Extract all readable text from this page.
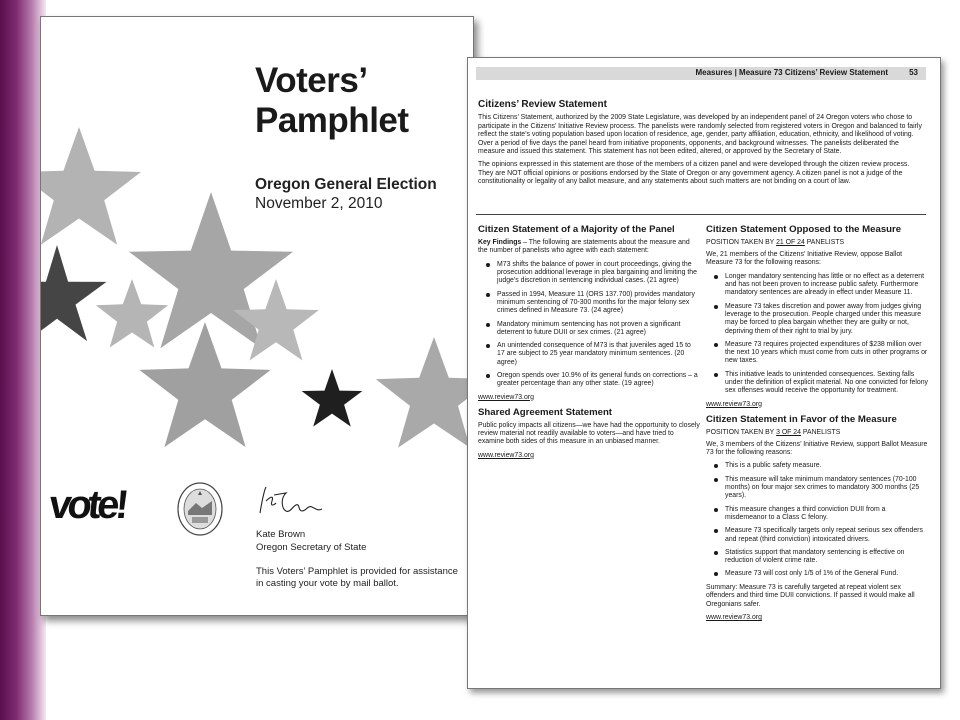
Voters’
Pamphlet
Oregon General Election
November 2, 2010
vote!
Kate Brown
Oregon Secretary of State
This Voters’ Pamphlet is provided for assistance in casting your vote by mail ballot.
Measures | Measure 73 Citizens’ Review Statement	53
Citizens’ Review Statement

This Citizens’ Statement, authorized by the 2009 State Legislature, was developed by an independent panel of 24 Oregon voters who chose to participate in the Citizens’ Initiative Review process. The panelists were randomly selected from registered voters in Oregon and balanced to fairly reflect the state’s voting population based upon location of residence, age, gender, party affiliation, education, ethnicity, and likelihood of voting. Over a period of five days the panel heard from initiative proponents, opponents, and background witnesses. The panelists deliberated the measure and issued this statement. This statement has not been edited, altered, or approved by the Secretary of State.

The opinions expressed in this statement are those of the members of a citizen panel and were developed through the citizen review process. They are NOT official opinions or positions endorsed by the State of Oregon or any government agency. A citizen panel is not a judge of the constitutionality or legality of any ballot measure, and any statements about such matters are not binding on a court of law.

Citizen Statement of a Majority of the Panel

Key Findings – The following are statements about the measure and the number of panelists who agree with each statement:

M73 shifts the balance of power in court proceedings, giving the prosecution additional leverage in plea bargaining and limiting the judge’s discretion in sentencing individual cases. (21 agree)
Passed in 1994, Measure 11 (ORS 137.700) provides mandatory minimum sentencing of 70-300 months for the major felony sex crimes defined in Measure 73. (24 agree)
Mandatory minimum sentencing has not proven a significant deterrent to future DUII or sex crimes. (21 agree)
An unintended consequence of M73 is that juveniles aged 15 to 17 are subject to 25 year mandatory minimum sentences. (20 agree)
Oregon spends over 10.9% of its general funds on corrections – a greater percentage than any other state. (19 agree)
www.review73.org
Shared Agreement Statement

Public policy impacts all citizens—we have had the opportunity to closely review material not readily available to voters—and have tried to examine both sides of this measure in an unbiased manner.

www.review73.org
Citizen Statement Opposed to the Measure

POSITION TAKEN BY 21 OF 24 PANELISTS

We, 21 members of the Citizens’ Initiative Review, oppose Ballot Measure 73 for the following reasons:

Longer mandatory sentencing has little or no effect as a deterrent and has not been proven to increase public safety. Furthermore mandatory sentences are already in effect under Measure 11.
Measure 73 takes discretion and power away from judges giving leverage to the prosecution. People charged under this measure may be forced to plea bargain whether they are guilty or not, depriving them of their right to trial by jury.
Measure 73 requires projected expenditures of $238 million over the next 10 years which must come from cuts in other programs or new taxes.
This initiative leads to unintended consequences. Sexting falls under the definition of explicit material. No one convicted for felony sex offenses would receive the opportunity for treatment.
www.review73.org
Citizen Statement in Favor of the Measure

POSITION TAKEN BY 3 OF 24 PANELISTS

We, 3 members of the Citizens’ Initiative Review, support Ballot Measure 73 for the following reasons:

This is a public safety measure.
This measure will take minimum mandatory sentences (70-100 months) on four major sex crimes to mandatory 300 months (25 years).
This measure changes a third conviction DUII from a misdemeanor to a Class C felony.
Measure 73 specifically targets only repeat serious sex offenders and repeat (third conviction) intoxicated drivers.
Statistics support that mandatory sentencing is effective on reduction of violent crime rate.
Measure 73 will cost only 1/5 of 1% of the General Fund.

Summary: Measure 73 is carefully targeted at repeat violent sex offenders and third time DUII convictions. If passed it would make all Oregonians safer.

www.review73.org
